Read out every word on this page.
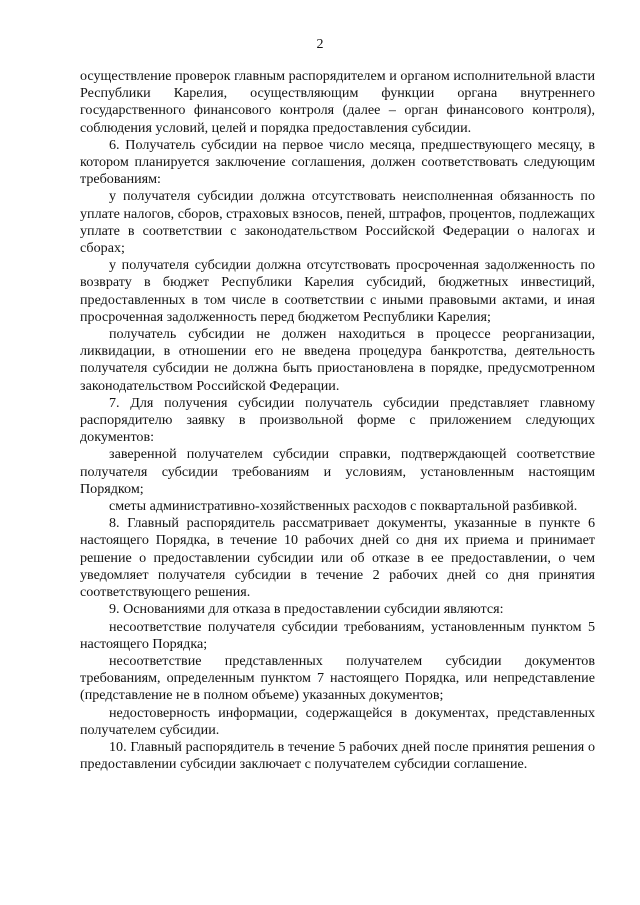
2

осуществление проверок главным распорядителем и органом исполнительной власти Республики Карелия, осуществляющим функции органа внутреннего государственного финансового контроля (далее – орган финансового контроля), соблюдения условий, целей и порядка предоставления субсидии.

6. Получатель субсидии на первое число месяца, предшествующего месяцу, в котором планируется заключение соглашения, должен соответствовать следующим требованиям:

у получателя субсидии должна отсутствовать неисполненная обязанность по уплате налогов, сборов, страховых взносов, пеней, штрафов, процентов, подлежащих уплате в соответствии с законодательством Российской Федерации о налогах и сборах;

у получателя субсидии должна отсутствовать просроченная задолженность по возврату в бюджет Республики Карелия субсидий, бюджетных инвестиций, предоставленных в том числе в соответствии с иными правовыми актами, и иная просроченная задолженность перед бюджетом Республики Карелия;

получатель субсидии не должен находиться в процессе реорганизации, ликвидации, в отношении его не введена процедура банкротства, деятельность получателя субсидии не должна быть приостановлена в порядке, предусмотренном законодательством Российской Федерации.

7. Для получения субсидии получатель субсидии представляет главному распорядителю заявку в произвольной форме с приложением следующих документов:

заверенной получателем субсидии справки, подтверждающей соответствие получателя субсидии требованиям и условиям, установленным настоящим Порядком;

сметы административно-хозяйственных расходов с поквартальной разбивкой.

8. Главный распорядитель рассматривает документы, указанные в пункте 6 настоящего Порядка, в течение 10 рабочих дней со дня их приема и принимает решение о предоставлении субсидии или об отказе в ее предоставлении, о чем уведомляет получателя субсидии в течение 2 рабочих дней со дня принятия соответствующего решения.

9. Основаниями для отказа в предоставлении субсидии являются:

несоответствие получателя субсидии требованиям, установленным пунктом 5 настоящего Порядка;

несоответствие представленных получателем субсидии документов требованиям, определенным пунктом 7 настоящего Порядка, или непредставление (представление не в полном объеме) указанных документов;

недостоверность информации, содержащейся в документах, представленных получателем субсидии.

10. Главный распорядитель в течение 5 рабочих дней после принятия решения о предоставлении субсидии заключает с получателем субсидии соглашение.
